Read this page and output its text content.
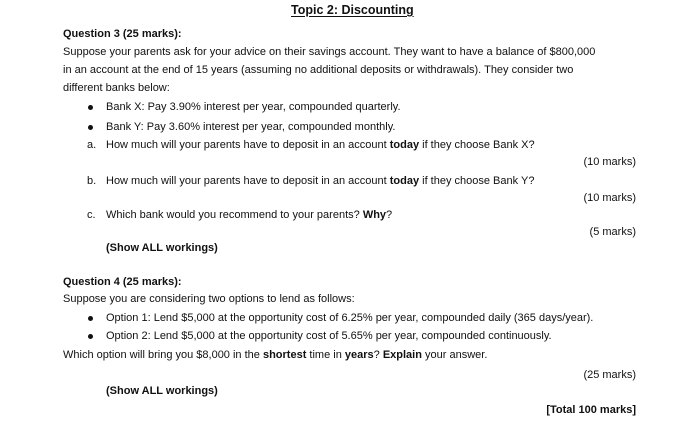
Topic 2: Discounting
Question 3 (25 marks):
Suppose your parents ask for your advice on their savings account. They want to have a balance of $800,000
in an account at the end of 15 years (assuming no additional deposits or withdrawals). They consider two
different banks below:
Bank X: Pay 3.90% interest per year, compounded quarterly.
Bank Y: Pay 3.60% interest per year, compounded monthly.
a. How much will your parents have to deposit in an account today if they choose Bank X?
(10 marks)
b. How much will your parents have to deposit in an account today if they choose Bank Y?
(10 marks)
c. Which bank would you recommend to your parents? Why?
(5 marks)
(Show ALL workings)
Question 4 (25 marks):
Suppose you are considering two options to lend as follows:
Option 1: Lend $5,000 at the opportunity cost of 6.25% per year, compounded daily (365 days/year).
Option 2: Lend $5,000 at the opportunity cost of 5.65% per year, compounded continuously.
Which option will bring you $8,000 in the shortest time in years? Explain your answer.
(25 marks)
(Show ALL workings)
[Total 100 marks]
